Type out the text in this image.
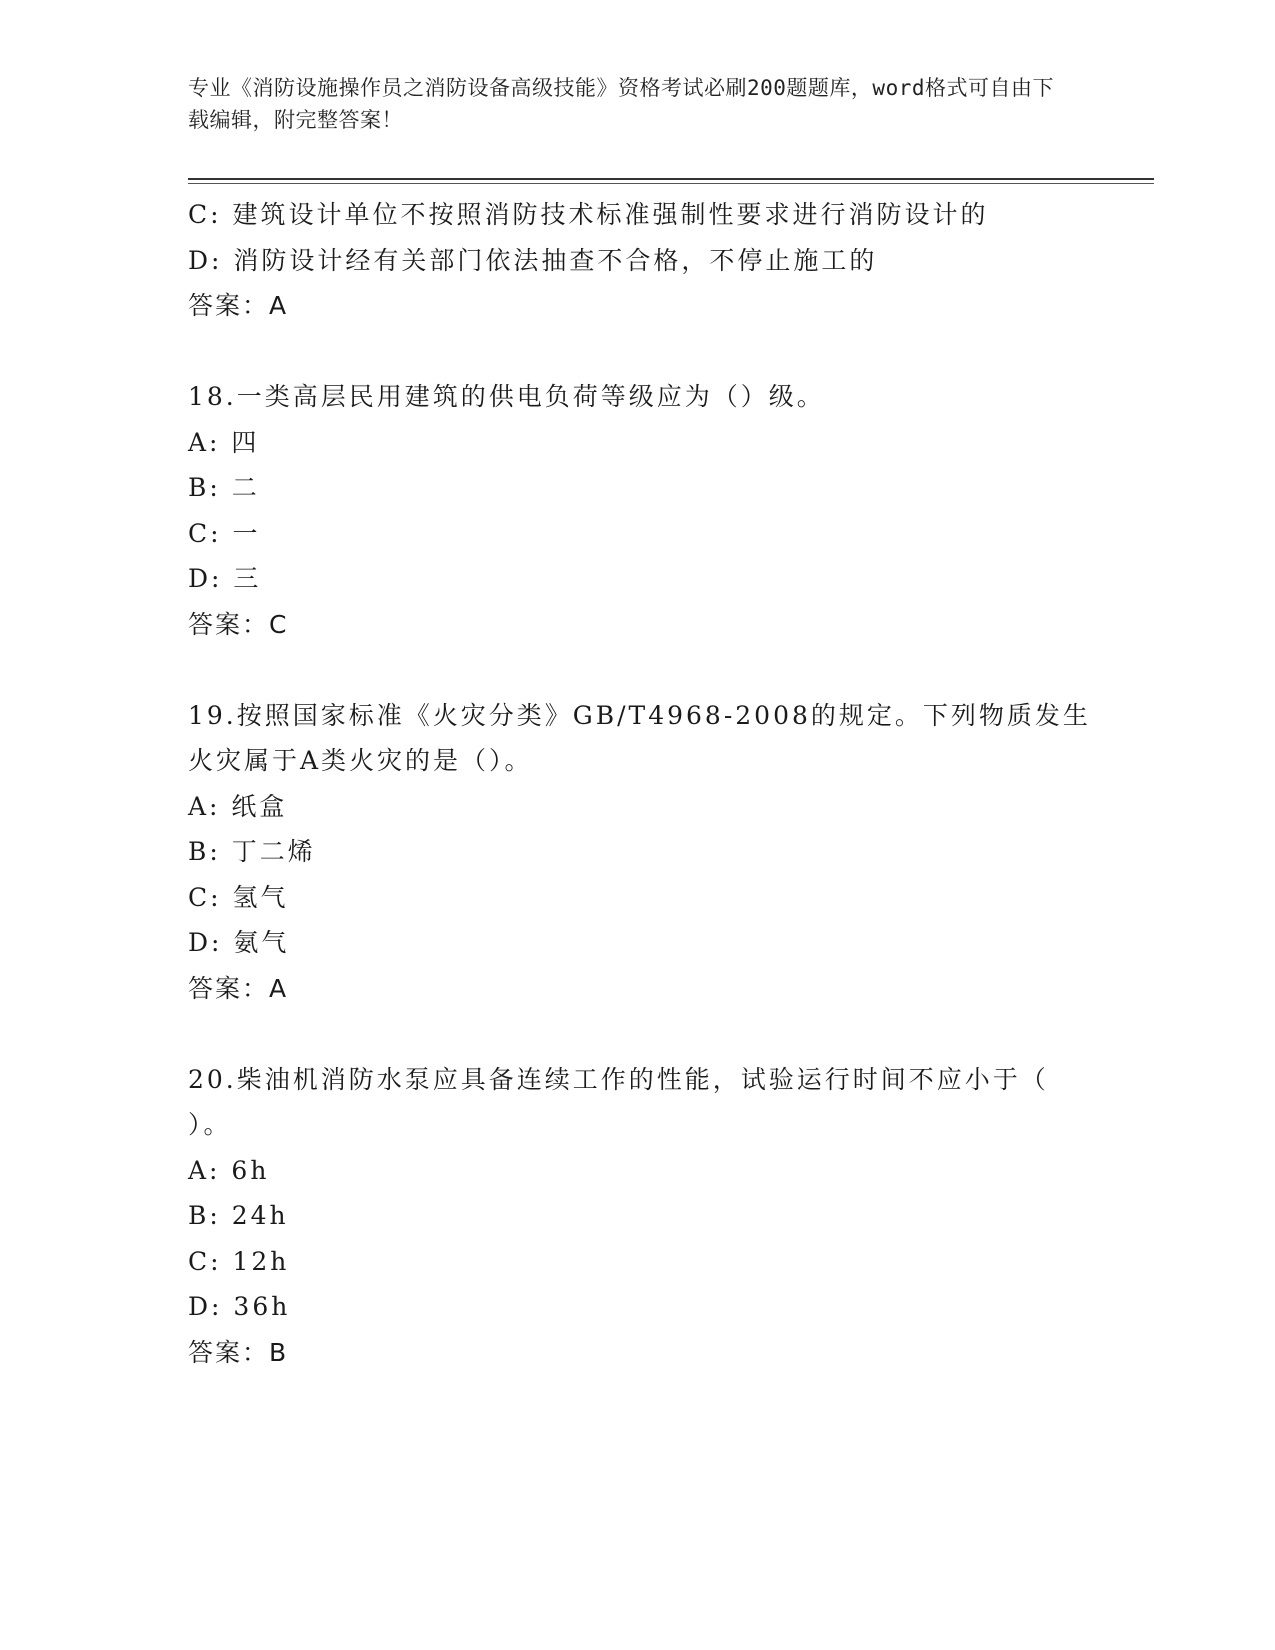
专业《消防设施操作员之消防设备高级技能》资格考试必刷200题题库，word格式可自由下载编辑，附完整答案！
C: 建筑设计单位不按照消防技术标准强制性要求进行消防设计的
D: 消防设计经有关部门依法抽查不合格，不停止施工的
答案：A
18.一类高层民用建筑的供电负荷等级应为（）级。
A: 四
B: 二
C: 一
D: 三
答案：C
19.按照国家标准《火灾分类》GB/T4968-2008的规定。下列物质发生
火灾属于A类火灾的是（）。
A: 纸盒
B: 丁二烯
C: 氢气
D: 氨气
答案：A
20.柴油机消防水泵应具备连续工作的性能，试验运行时间不应小于（
）。
A: 6h
B: 24h
C: 12h
D: 36h
答案：B
